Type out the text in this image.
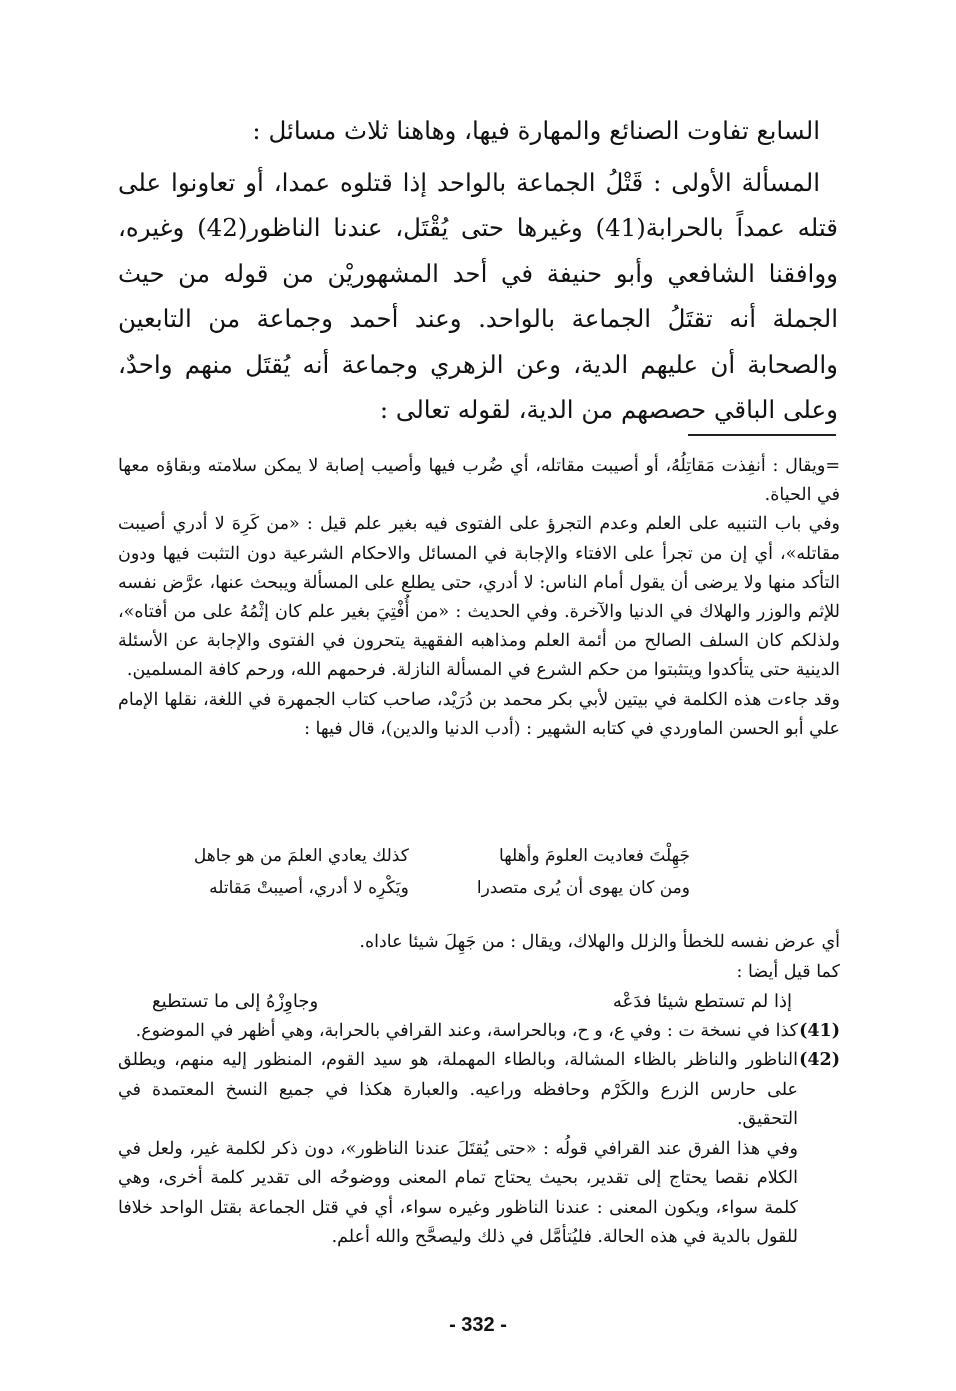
السابع تفاوت الصنائع والمهارة فيها، وهاهنا ثلاث مسائل :

المسألة الأولى : قَتْلُ الجماعة بالواحد إذا قتلوه عمدا، أو تعاونوا على قتله عمداً بالحرابة(41) وغيرها حتى يُقْتَل، عندنا الناظور(42) وغيره، ووافقنا الشافعي وأبو حنيفة في أحد المشهوريْن من قوله من حيث الجملة أنه تقتَلُ الجماعة بالواحد. وعند أحمد وجماعة من التابعين والصحابة أن عليهم الدية، وعن الزهري وجماعة أنه يُقتَل منهم واحدٌ، وعلى الباقي حصصهم من الدية، لقوله تعالى :

=ويقال : أنفِذت مَقاتِلُهُ، أو أصيبت مقاتله، أي ضُرب فيها وأصيب إصابة لا يمكن سلامته وبقاؤه معها في الحياة.

وفي باب التنبيه على العلم وعدم التجرؤ على الفتوى فيه بغير علم قيل : «من كَرِهَ لا أدري أصيبت مقاتله»، أي إن من تجرأ على الافتاء والإجابة في المسائل والاحكام الشرعية دون التثبت فيها ودون التأكد منها ولا يرضى أن يقول أمام الناس: لا أدري، حتى يطلع على المسألة ويبحث عنها، عرَّض نفسه للإثم والوزر والهلاك في الدنيا والآخرة. وفي الحديث : «من أُفْتِيَ بغير علم كان إثْمُهُ على من أفتاه»، ولذلكم كان السلف الصالح من أئمة العلم ومذاهبه الفقهية يتحرون في الفتوى والإجابة عن الأسئلة الدينية حتى يتأكدوا ويتثبتوا من حكم الشرع في المسألة النازلة. فرحمهم الله، ورحم كافة المسلمين.

وقد جاءت هذه الكلمة في بيتين لأبي بكر محمد بن دُرَيْد، صاحب كتاب الجمهرة في اللغة، نقلها الإمام علي أبو الحسن الماوردي في كتابه الشهير : (أدب الدنيا والدين)، قال فيها :

جَهِلْتَ فعاديت العلومَ وأهلها
كذلك يعادي العلمَ من هو جاهل
ومن كان يهوى أن يُرى متصدرا
ويَكْرِه لا أدري، أصيبتْ مَقاتله

أي عرض نفسه للخطأ والزلل والهلاك، ويقال : من جَهِلَ شيئا عاداه.

كما قيل أيضا :

إذا لم تستطع شيئا فدَعْه
وجاوِزْهُ إلى ما تستطيع
(41)
كذا في نسخة ت : وفي ع، و ح، وبالحراسة، وعند القرافي بالحرابة، وهي أظهر في الموضوع.
(42)
الناظور والناظر بالظاء المشالة، وبالطاء المهملة، هو سيد القوم، المنظور إليه منهم، ويطلق على حارس الزرع والكَرْم وحافظه وراعيه. والعبارة هكذا في جميع النسخ المعتمدة في التحقيق.

وفي هذا الفرق عند القرافي قولُه : «حتى يُقتَلَ عندنا الناظور»، دون ذكر لكلمة غير، ولعل في الكلام نقصا يحتاج إلى تقدير، بحيث يحتاج تمام المعنى ووضوحُه الى تقدير كلمة أخرى، وهي كلمة سواء، ويكون المعنى : عندنا الناظور وغيره سواء، أي في قتل الجماعة بقتل الواحد خلافا للقول بالدية في هذه الحالة. فليُتأمَّل في ذلك وليصحَّح والله أعلم.

- 332 -
